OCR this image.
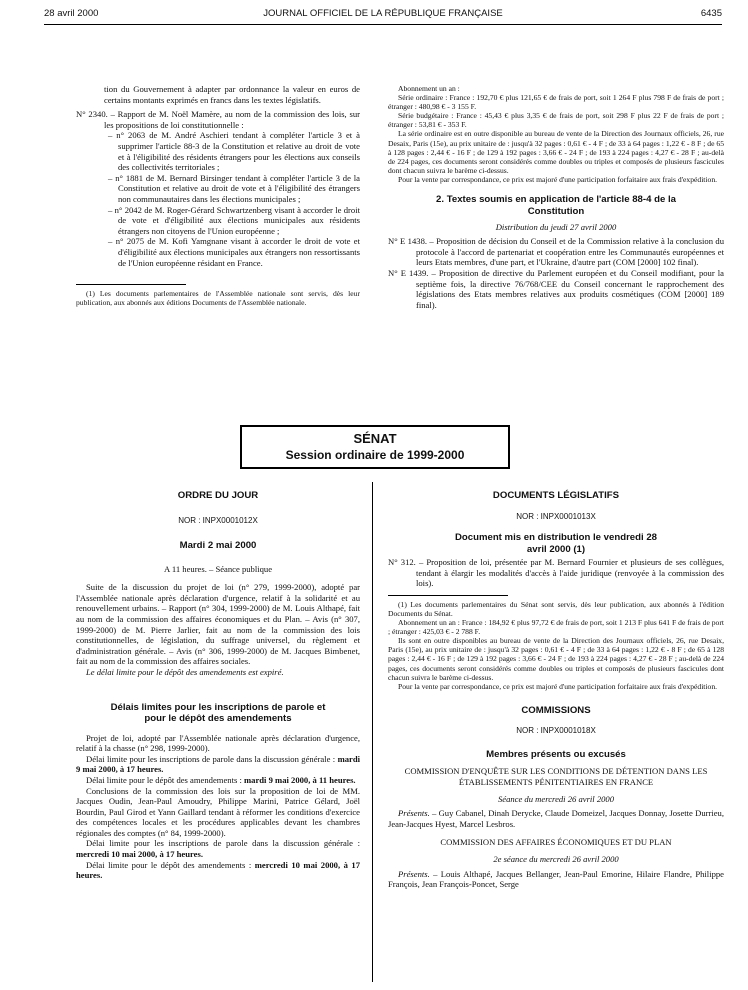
28 avril 2000	JOURNAL OFFICIEL DE LA RÉPUBLIQUE FRANÇAISE	6435

tion du Gouvernement à adapter par ordonnance la valeur en euros de certains montants exprimés en francs dans les textes législatifs.

N° 2340. – Rapport de M. Noël Mamère, au nom de la commission des lois, sur les propositions de loi constitutionnelle :

– n° 2063 de M. André Aschieri tendant à compléter l'article 3 et à supprimer l'article 88-3 de la Constitution et relative au droit de vote et à l'éligibilité des résidents étrangers pour les élections aux conseils des collectivités territoriales ;

– n° 1881 de M. Bernard Birsinger tendant à compléter l'article 3 de la Constitution et relative au droit de vote et à l'éligibilité des étrangers non communautaires dans les élections municipales ;

– n° 2042 de M. Roger-Gérard Schwartzenberg visant à accorder le droit de vote et d'éligibilité aux élections municipales aux résidents étrangers non citoyens de l'Union européenne ;

– n° 2075 de M. Kofi Yamgnane visant à accorder le droit de vote et d'éligibilité aux élections municipales aux étrangers non ressortissants de l'Union européenne résidant en France.

(1) Les documents parlementaires de l'Assemblée nationale sont servis, dès leur publication, aux abonnés aux éditions Documents de l'Assemblée nationale.

Abonnement un an :

Série ordinaire : France : 192,70 € plus 121,65 € de frais de port, soit 1 264 F plus 798 F de frais de port ; étranger : 480,98 € - 3 155 F.

Série budgétaire : France : 45,43 € plus 3,35 € de frais de port, soit 298 F plus 22 F de frais de port ; étranger : 53,81 € - 353 F.

La série ordinaire est en outre disponible au bureau de vente de la Direction des Journaux officiels, 26, rue Desaix, Paris (15e), au prix unitaire de : jusqu'à 32 pages : 0,61 € - 4 F ; de 33 à 64 pages : 1,22 € - 8 F ; de 65 à 128 pages : 2,44 € - 16 F ; de 129 à 192 pages : 3,66 € - 24 F ; de 193 à 224 pages : 4,27 € - 28 F ; au-delà de 224 pages, ces documents seront considérés comme doubles ou triples et composés de plusieurs fascicules dont chacun suivra le barème ci-dessus.

Pour la vente par correspondance, ce prix est majoré d'une participation forfaitaire aux frais d'expédition.

2. Textes soumis en application de l'article 88-4 de la Constitution

Distribution du jeudi 27 avril 2000

N° E 1438. – Proposition de décision du Conseil et de la Commission relative à la conclusion du protocole à l'accord de partenariat et coopération entre les Communautés européennes et leurs Etats membres, d'une part, et l'Ukraine, d'autre part (COM [2000] 102 final).

N° E 1439. – Proposition de directive du Parlement européen et du Conseil modifiant, pour la septième fois, la directive 76/768/CEE du Conseil concernant le rapprochement des législations des Etats membres relatives aux produits cosmétiques (COM [2000] 189 final).

SÉNAT
Session ordinaire de 1999-2000

ORDRE DU JOUR

NOR : INPX0001012X

Mardi 2 mai 2000

A 11 heures. – Séance publique

Suite de la discussion du projet de loi (n° 279, 1999-2000), adopté par l'Assemblée nationale après déclaration d'urgence, relatif à la solidarité et au renouvellement urbains. – Rapport (n° 304, 1999-2000) de M. Louis Althapé, fait au nom de la commission des affaires économiques et du Plan. – Avis (n° 307, 1999-2000) de M. Pierre Jarlier, fait au nom de la commission des lois constitutionnelles, de législation, du suffrage universel, du règlement et d'administration générale. – Avis (n° 306, 1999-2000) de M. Jacques Bimbenet, fait au nom de la commission des affaires sociales.

Le délai limite pour le dépôt des amendements est expiré.

Délais limites pour les inscriptions de parole et pour le dépôt des amendements

Projet de loi, adopté par l'Assemblée nationale après déclaration d'urgence, relatif à la chasse (n° 298, 1999-2000).

Délai limite pour les inscriptions de parole dans la discussion générale : mardi 9 mai 2000, à 17 heures.

Délai limite pour le dépôt des amendements : mardi 9 mai 2000, à 11 heures.

Conclusions de la commission des lois sur la proposition de loi de MM. Jacques Oudin, Jean-Paul Amoudry, Philippe Marini, Patrice Gélard, Joël Bourdin, Paul Girod et Yann Gaillard tendant à réformer les conditions d'exercice des compétences locales et les procédures applicables devant les chambres régionales des comptes (n° 84, 1999-2000).

Délai limite pour les inscriptions de parole dans la discussion générale : mercredi 10 mai 2000, à 17 heures.

Délai limite pour le dépôt des amendements : mercredi 10 mai 2000, à 17 heures.

DOCUMENTS LÉGISLATIFS

NOR : INPX0001013X

Document mis en distribution le vendredi 28 avril 2000 (1)

N° 312. – Proposition de loi, présentée par M. Bernard Fournier et plusieurs de ses collègues, tendant à élargir les modalités d'accès à l'aide juridique (renvoyée à la commission des lois).

(1) Les documents parlementaires du Sénat sont servis, dès leur publication, aux abonnés à l'édition Documents du Sénat.

Abonnement un an : France : 184,92 € plus 97,72 € de frais de port, soit 1 213 F plus 641 F de frais de port ; étranger : 425,03 € - 2 788 F.

Ils sont en outre disponibles au bureau de vente de la Direction des Journaux officiels, 26, rue Desaix, Paris (15e), au prix unitaire de : jusqu'à 32 pages : 0,61 € - 4 F ; de 33 à 64 pages : 1,22 € - 8 F ; de 65 à 128 pages : 2,44 € - 16 F ; de 129 à 192 pages : 3,66 € - 24 F ; de 193 à 224 pages : 4,27 € - 28 F ; au-delà de 224 pages, ces documents seront considérés comme doubles ou triples et composés de plusieurs fascicules dont chacun suivra le barème ci-dessus.

Pour la vente par correspondance, ce prix est majoré d'une participation forfaitaire aux frais d'expédition.

COMMISSIONS

NOR : INPX0001018X

Membres présents ou excusés

COMMISSION D'ENQUÊTE SUR LES CONDITIONS DE DÉTENTION DANS LES ÉTABLISSEMENTS PÉNITENTIAIRES EN FRANCE

Séance du mercredi 26 avril 2000

Présents. – Guy Cabanel, Dinah Derycke, Claude Domeizel, Jacques Donnay, Josette Durrieu, Jean-Jacques Hyest, Marcel Lesbros.

COMMISSION DES AFFAIRES ÉCONOMIQUES ET DU PLAN

2e séance du mercredi 26 avril 2000

Présents. – Louis Althapé, Jacques Bellanger, Jean-Paul Emorine, Hilaire Flandre, Philippe François, Jean François-Poncet, Serge
